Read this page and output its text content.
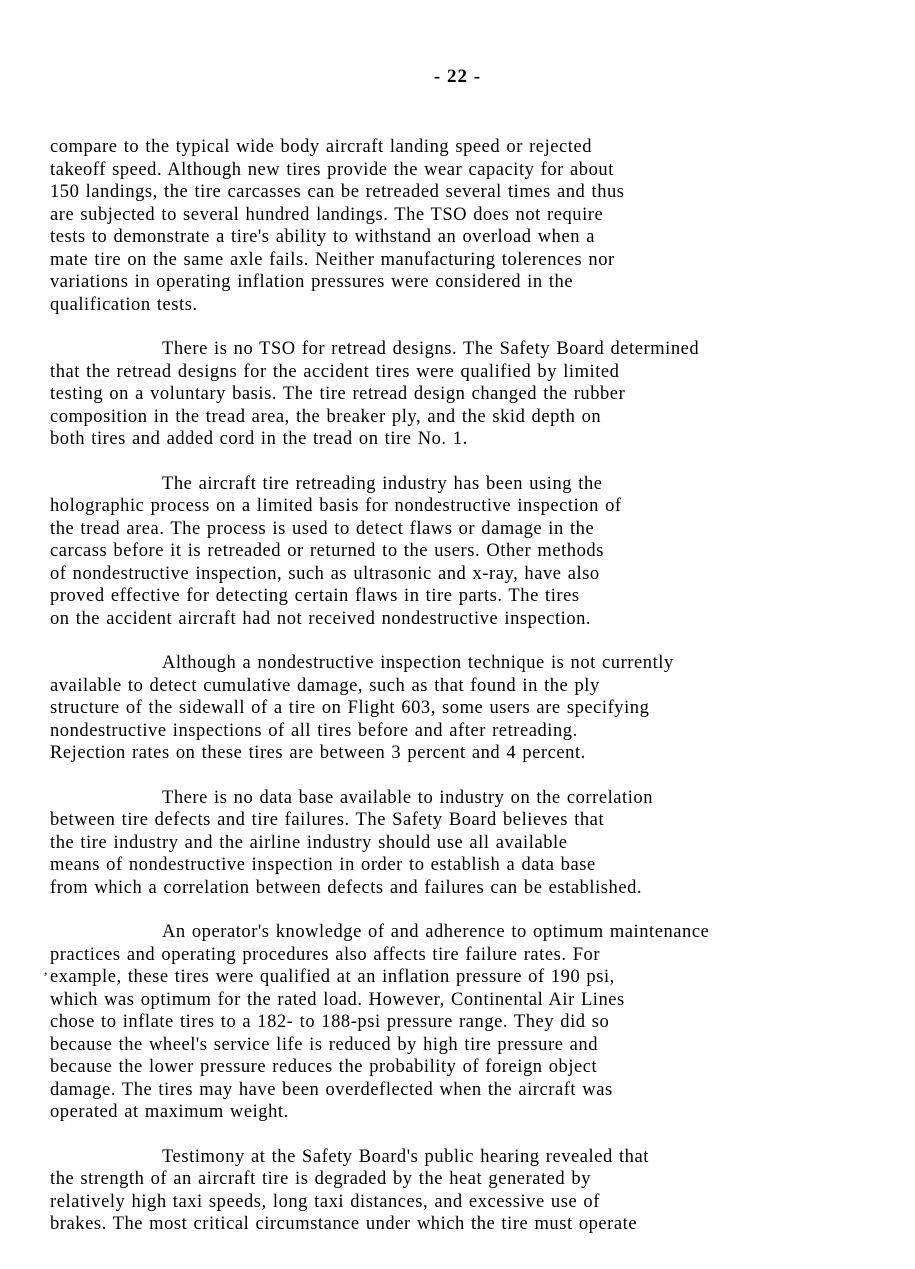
- 22 -
,
compare to the typical wide body aircraft landing speed or rejected
takeoff speed. Although new tires provide the wear capacity for about
150 landings, the tire carcasses can be retreaded several times and thus
are subjected to several hundred landings. The TSO does not require
tests to demonstrate a tire's ability to withstand an overload when a
mate tire on the same axle fails. Neither manufacturing tolerences nor
variations in operating inflation pressures were considered in the
qualification tests.
There is no TSO for retread designs. The Safety Board determined
that the retread designs for the accident tires were qualified by limited
testing on a voluntary basis. The tire retread design changed the rubber
composition in the tread area, the breaker ply, and the skid depth on
both tires and added cord in the tread on tire No. 1.
The aircraft tire retreading industry has been using the
holographic process on a limited basis for nondestructive inspection of
the tread area. The process is used to detect flaws or damage in the
carcass before it is retreaded or returned to the users. Other methods
of nondestructive inspection, such as ultrasonic and x-ray, have also
proved effective for detecting certain flaws in tire parts. The tires
on the accident aircraft had not received nondestructive inspection.
Although a nondestructive inspection technique is not currently
available to detect cumulative damage, such as that found in the ply
structure of the sidewall of a tire on Flight 603, some users are specifying
nondestructive inspections of all tires before and after retreading.
Rejection rates on these tires are between 3 percent and 4 percent.
There is no data base available to industry on the correlation
between tire defects and tire failures. The Safety Board believes that
the tire industry and the airline industry should use all available
means of nondestructive inspection in order to establish a data base
from which a correlation between defects and failures can be established.
An operator's knowledge of and adherence to optimum maintenance
practices and operating procedures also affects tire failure rates. For
example, these tires were qualified at an inflation pressure of 190 psi,
which was optimum for the rated load. However, Continental Air Lines
chose to inflate tires to a 182- to 188-psi pressure range. They did so
because the wheel's service life is reduced by high tire pressure and
because the lower pressure reduces the probability of foreign object
damage. The tires may have been overdeflected when the aircraft was
operated at maximum weight.
Testimony at the Safety Board's public hearing revealed that
the strength of an aircraft tire is degraded by the heat generated by
relatively high taxi speeds, long taxi distances, and excessive use of
brakes. The most critical circumstance under which the tire must operate
